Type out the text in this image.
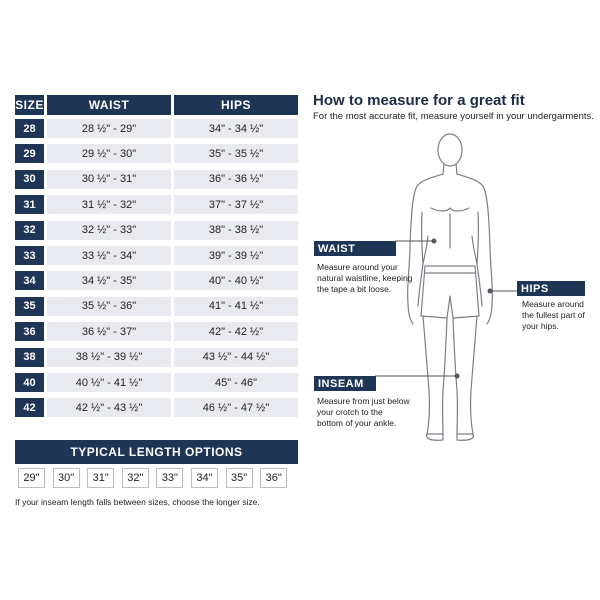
SIZE	WAIST	HIPS
28	28 ½" - 29"	34" - 34 ½"
29	29 ½" - 30"	35" - 35 ½"
30	30 ½" - 31"	36" - 36 ½"
31	31 ½" - 32"	37" - 37 ½"
32	32 ½" - 33"	38" - 38 ½"
33	33 ½" - 34"	39" - 39 ½"
34	34 ½" - 35"	40" - 40 ½"
35	35 ½" - 36"	41" - 41 ½"
36	36 ½" - 37"	42" - 42 ½"
38	38 ½" - 39 ½"	43 ½" - 44 ½"
40	40 ½" - 41 ½"	45" - 46"
42	42 ½" - 43 ½"	46 ½" - 47 ½"
TYPICAL LENGTH OPTIONS
29"	30"	31"	32"	33"	34"	35"	36"
If your inseam length falls between sizes, choose the longer size.
How to measure for a great fit
For the most accurate fit, measure yourself in your undergarments.
WAIST
Measure around your
natural waistline, keeping
the tape a bit loose.	HIPS
Measure around
the fullest part of
your hips.
INSEAM
Measure from just below
your crotch to the
bottom of your ankle.
